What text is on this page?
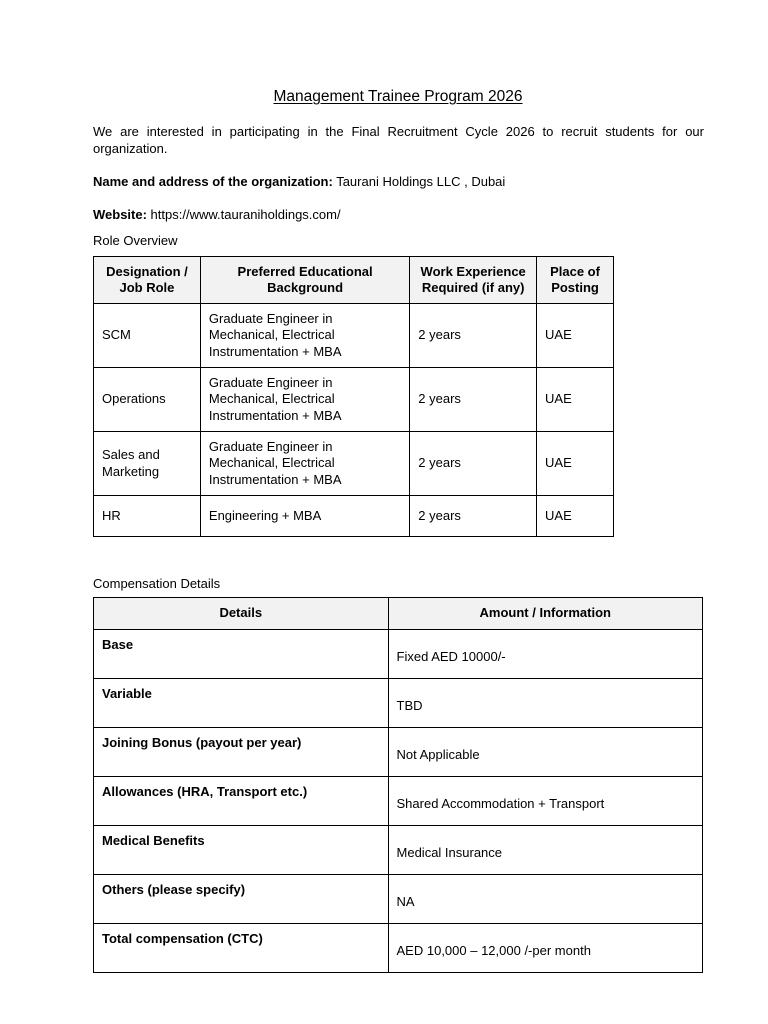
Management Trainee Program 2026
We are interested in participating in the Final Recruitment Cycle 2026 to recruit students for our organization.
Name and address of the organization: Taurani Holdings LLC , Dubai
Website: https://www.tauraniholdings.com/
Role Overview
Designation / Job Role	Preferred Educational Background	Work Experience Required (if any)	Place of Posting
SCM	Graduate Engineer in Mechanical, Electrical Instrumentation + MBA	2 years	UAE
Operations	Graduate Engineer in Mechanical, Electrical Instrumentation + MBA	2 years	UAE
Sales and Marketing	Graduate Engineer in Mechanical, Electrical Instrumentation + MBA	2 years	UAE
HR	Engineering + MBA	2 years	UAE
Compensation Details
Details	Amount / Information
Base	Fixed AED 10000/-
Variable	TBD
Joining Bonus (payout per year)	Not Applicable
Allowances (HRA, Transport etc.)	Shared Accommodation + Transport
Medical Benefits	Medical Insurance
Others (please specify)	NA
Total compensation (CTC)	AED 10,000 – 12,000 /-per month
